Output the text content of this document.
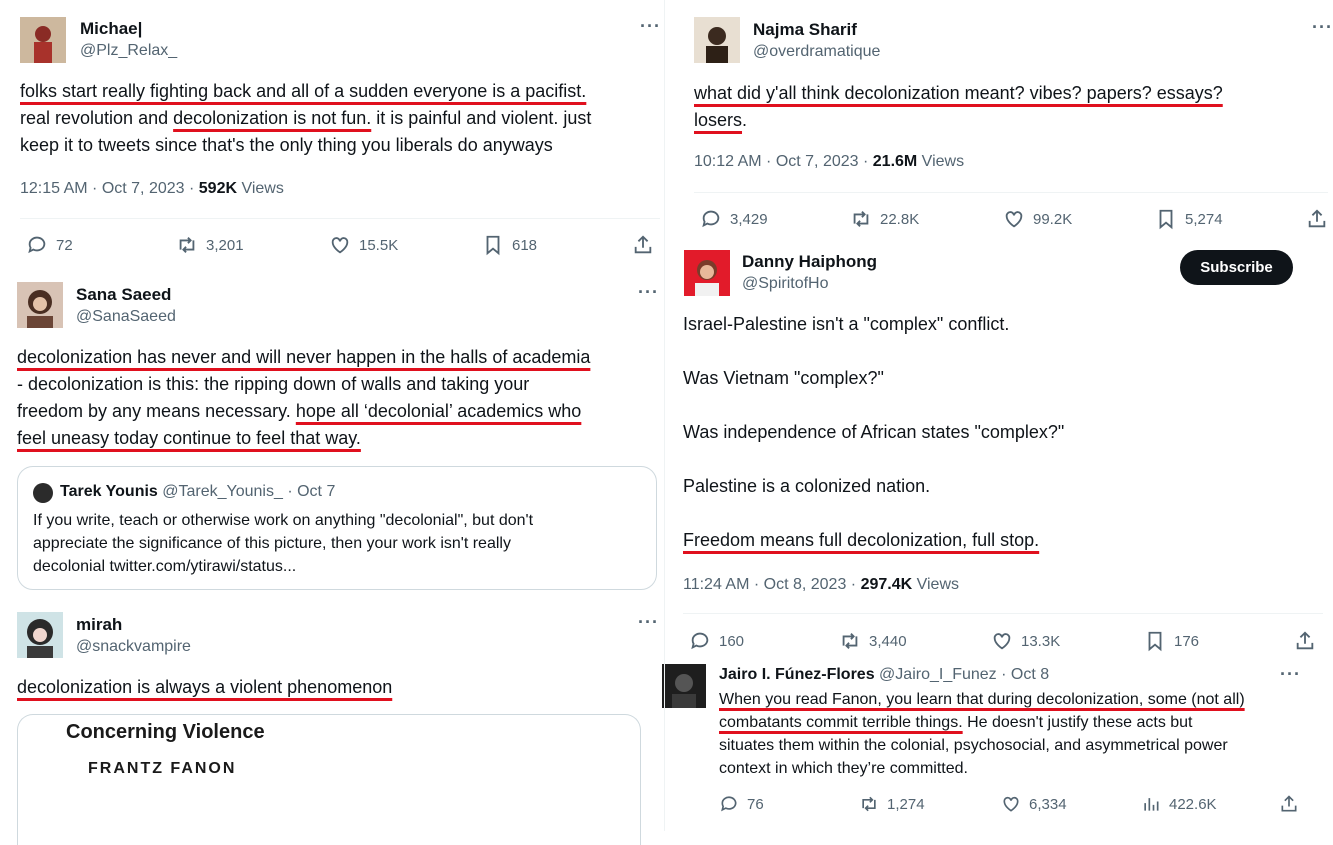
Michae|
@Plz_Relax_
···

folks start really fighting back and all of a sudden everyone is a pacifist.

real revolution and decolonization is not fun. it is painful and violent. just

keep it to tweets since that's the only thing you liberals do anyways

12:15 AM · Oct 7, 2023 · 592K Views
72	3,201	15.5K	618
Najma Sharif
@overdramatique
···

what did y'all think decolonization meant? vibes? papers? essays?

losers.

10:12 AM · Oct 7, 2023 · 21.6M Views
3,429	22.8K	99.2K	5,274
Sana Saeed
@SanaSaeed
···

decolonization has never and will never happen in the halls of academia

- decolonization is this: the ripping down of walls and taking your

freedom by any means necessary. hope all ‘decolonial’ academics who

feel uneasy today continue to feel that way.

Tarek Younis @Tarek_Younis_ · Oct 7
If you write, teach or otherwise work on anything "decolonial", but don't
appreciate the significance of this picture, then your work isn't really
decolonial twitter.com/ytirawi/status...
mirah
@snackvampire
···

decolonization is always a violent phenomenon

Concerning Violence
FRANTZ FANON
Danny Haiphong
@SpiritofHo
Subscribe

Israel-Palestine isn't a "complex" conflict.

Was Vietnam "complex?"

Was independence of African states "complex?"

Palestine is a colonized nation.

Freedom means full decolonization, full stop.

11:24 AM · Oct 8, 2023 · 297.4K Views
160	3,440	13.3K	176
Jairo I. Fúnez-Flores @Jairo_I_Funez · Oct 8	···
When you read Fanon, you learn that during decolonization, some (not all)
combatants commit terrible things. He doesn't justify these acts but
situates them within the colonial, psychosocial, and asymmetrical power
context in which they’re committed.
76	1,274	6,334	422.6K
